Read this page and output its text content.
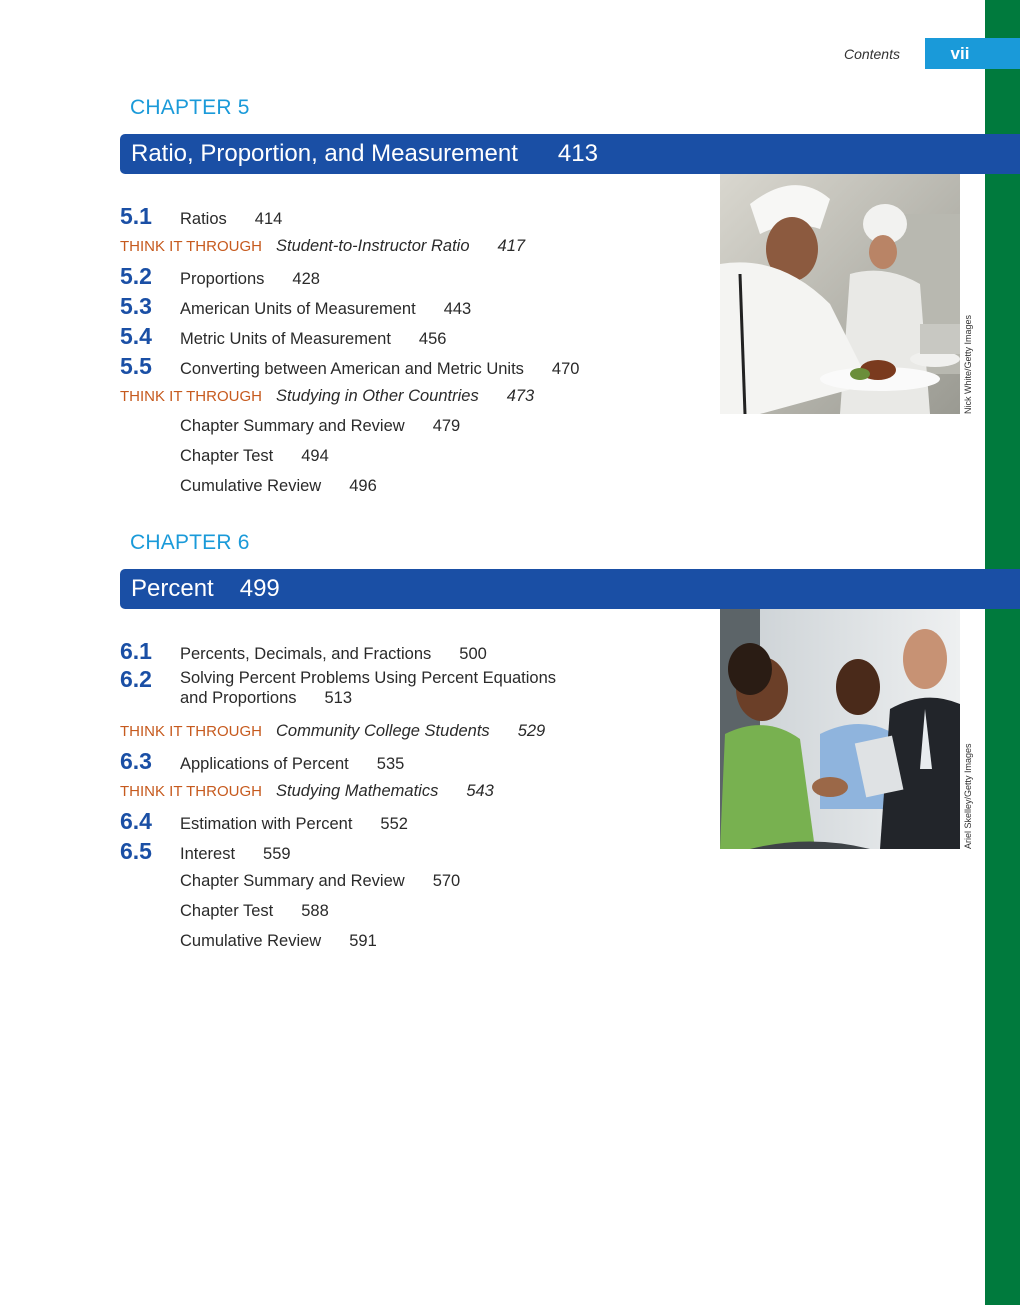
Contents	vii
CHAPTER 5
Ratio, Proportion, and Measurement 413
5.1	Ratios 414
THINK IT THROUGH Student-to-Instructor Ratio 417
5.2	Proportions 428
5.3	American Units of Measurement 443
5.4	Metric Units of Measurement 456
5.5	Converting between American and Metric Units 470
THINK IT THROUGH Studying in Other Countries 473
Chapter Summary and Review 479
Chapter Test 494
Cumulative Review 496
Nick White/Getty Images
CHAPTER 6
Percent 499
6.1	Percents, Decimals, and Fractions 500
6.2	Solving Percent Problems Using Percent Equations
and Proportions 513
THINK IT THROUGH Community College Students 529
6.3	Applications of Percent 535
THINK IT THROUGH Studying Mathematics 543
6.4	Estimation with Percent 552
6.5	Interest 559
Chapter Summary and Review 570
Chapter Test 588
Cumulative Review 591
Ariel Skelley/Getty Images
